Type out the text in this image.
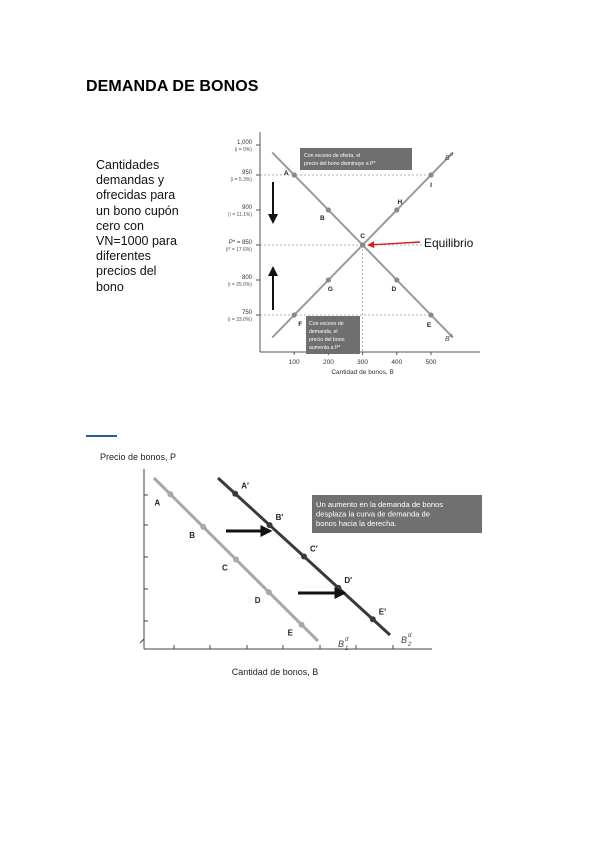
DEMANDA DE BONOS
Cantidades
demandas y
ofrecidas para
un bono cupón
cero con
VN=1000 para
diferentes
precios del
bono
1,000
(i = 0%)
950
(i = 5.3%)
900
(i = 11.1%)
P* = 850
(i* = 17.6%)
800
(i = 25.0%)
750
(i = 33.0%)
100	200	300	400	500
Cantidad de bonos, B
A
B
C
D
E
F
G
H
I
B d
B s
Con exceso de oferta, el
precio del bono disminuye a P*
Con exceso de
demanda, el
precio del bono
aumenta a P*
Equilibrio
Precio de bonos, P
Cantidad de bonos, B
A
B
C
D
E
A′
B′
C′
D′
E′
B d
1
B d
2
Un aumento en la demanda de bonos
desplaza la curva de demanda de
bonos hacia la derecha.
